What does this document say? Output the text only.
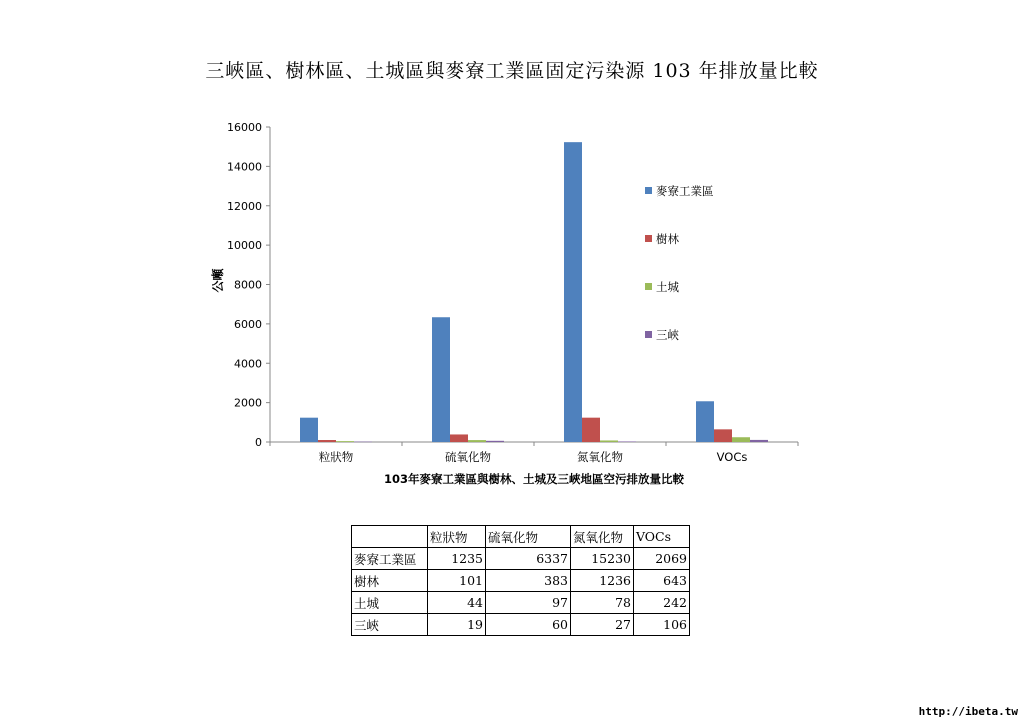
三峽區、樹林區、土城區與麥寮工業區固定污染源 103 年排放量比較
0
2000
4000
6000
8000
10000
12000
14000
16000
粒狀物	硫氧化物	氮氧化物	VOCs
103年麥寮工業區與樹林、土城及三峽地區空污排放量比較
公噸
麥寮工業區
樹林
土城
三峽
	粒狀物	硫氧化物	氮氧化物	VOCs
麥寮工業區	1235	6337	15230	2069
樹林	101	383	1236	643
土城	44	97	78	242
三峽	19	60	27	106
http://ibeta.tw
